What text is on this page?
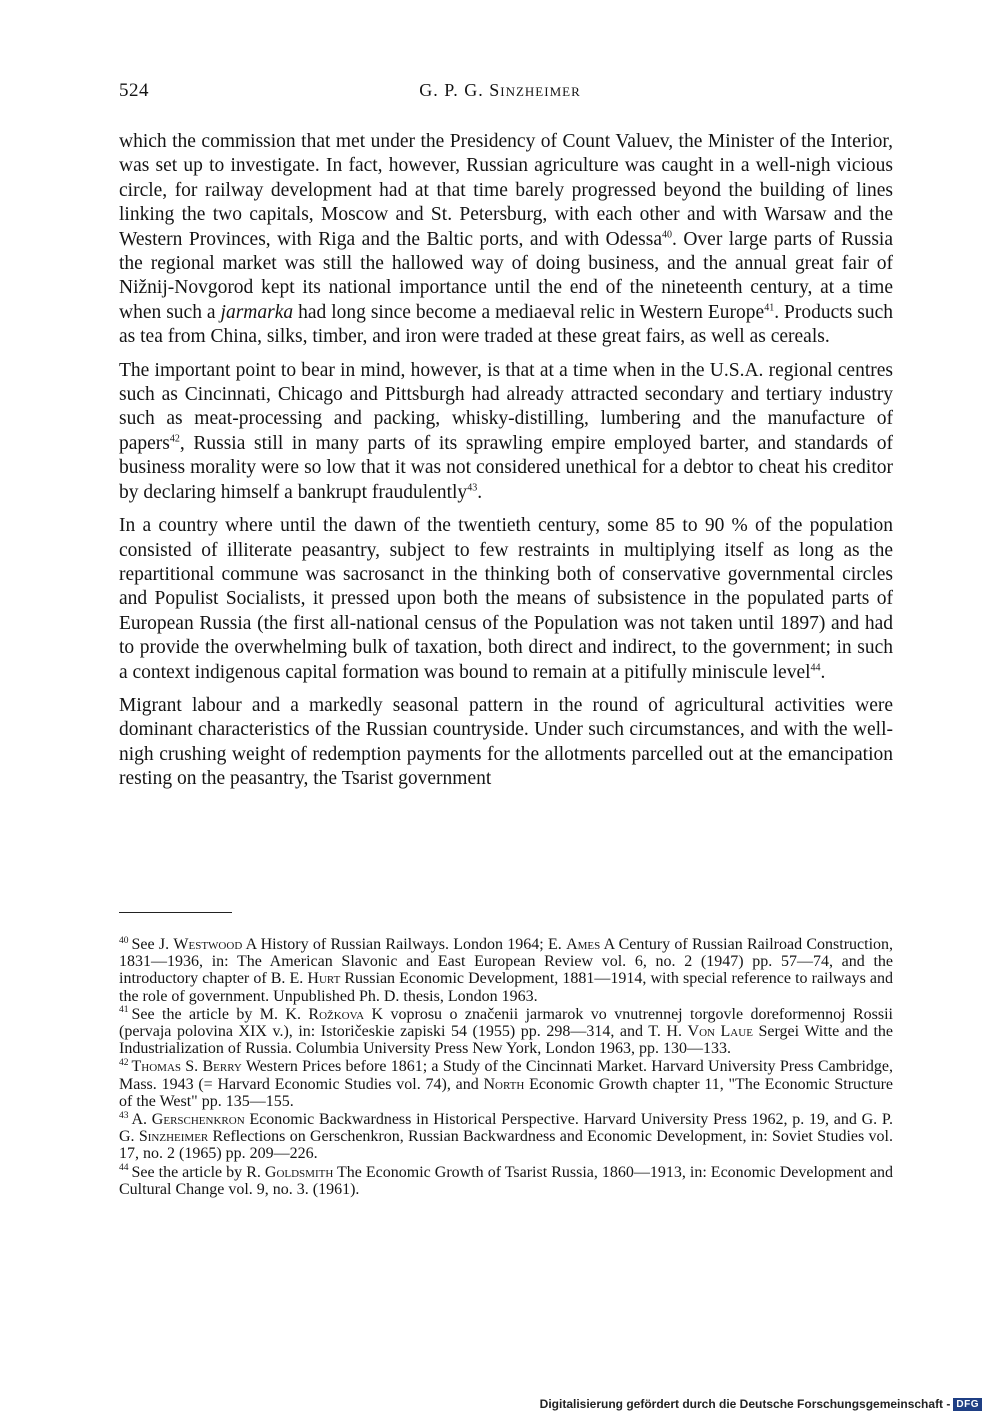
524	G. P. G. Sinzheimer

which the commission that met under the Presidency of Count Valuev, the Minister of the Interior, was set up to investigate. In fact, however, Russian agriculture was caught in a well-nigh vicious circle, for railway development had at that time barely progressed beyond the building of lines linking the two capitals, Moscow and St. Petersburg, with each other and with Warsaw and the Western Provinces, with Riga and the Baltic ports, and with Odessa$^{40}$. Over large parts of Russia the regional market was still the hallowed way of doing business, and the annual great fair of Nižnij-Novgorod kept its national importance until the end of the nineteenth century, at a time when such a jarmarka had long since become a mediaeval relic in Western Europe$^{41}$. Products such as tea from China, silks, timber, and iron were traded at these great fairs, as well as cereals.

The important point to bear in mind, however, is that at a time when in the U.S.A. regional centres such as Cincinnati, Chicago and Pittsburgh had already attracted secondary and tertiary industry such as meat-processing and packing, whisky-distilling, lumbering and the manufacture of papers$^{42}$, Russia still in many parts of its sprawling empire employed barter, and standards of business morality were so low that it was not considered unethical for a debtor to cheat his creditor by declaring himself a bankrupt fraudulently$^{43}$.

In a country where until the dawn of the twentieth century, some 85 to 90 % of the population consisted of illiterate peasantry, subject to few restraints in multiplying itself as long as the repartitional commune was sacrosanct in the thinking both of conservative governmental circles and Populist Socialists, it pressed upon both the means of subsistence in the populated parts of European Russia (the first all-national census of the Population was not taken until 1897) and had to provide the overwhelming bulk of taxation, both direct and indirect, to the government; in such a context indigenous capital formation was bound to remain at a pitifully miniscule level$^{44}$.

Migrant labour and a markedly seasonal pattern in the round of agricultural activities were dominant characteristics of the Russian countryside. Under such circumstances, and with the well-nigh crushing weight of redemption payments for the allotments parcelled out at the emancipation resting on the peasantry, the Tsarist government

$^{40}$ See J. Westwood A History of Russian Railways. London 1964; E. Ames A Century of Russian Railroad Construction, 1831—1936, in: The American Slavonic and East European Review vol. 6, no. 2 (1947) pp. 57—74, and the introductory chapter of B. E. Hurt Russian Economic Development, 1881—1914, with special reference to railways and the role of government. Unpublished Ph. D. thesis, London 1963.
$^{41}$ See the article by M. K. Rožkova K voprosu o značenii jarmarok vo vnutrennej torgovle doreformennoj Rossii (pervaja polovina XIX v.), in: Istoričeskie zapiski 54 (1955) pp. 298—314, and T. H. Von Laue Sergei Witte and the Industrialization of Russia. Columbia University Press New York, London 1963, pp. 130—133.
$^{42}$ Thomas S. Berry Western Prices before 1861; a Study of the Cincinnati Market. Harvard University Press Cambridge, Mass. 1943 (= Harvard Economic Studies vol. 74), and North Economic Growth chapter 11, "The Economic Structure of the West" pp. 135—155.
$^{43}$ A. Gerschenkron Economic Backwardness in Historical Perspective. Harvard University Press 1962, p. 19, and G. P. G. Sinzheimer Reflections on Gerschenkron, Russian Backwardness and Economic Development, in: Soviet Studies vol. 17, no. 2 (1965) pp. 209—226.
$^{44}$ See the article by R. Goldsmith The Economic Growth of Tsarist Russia, 1860—1913, in: Economic Development and Cultural Change vol. 9, no. 3. (1961).
Digitalisierung gefördert durch die Deutsche Forschungsgemeinschaft - DFG
